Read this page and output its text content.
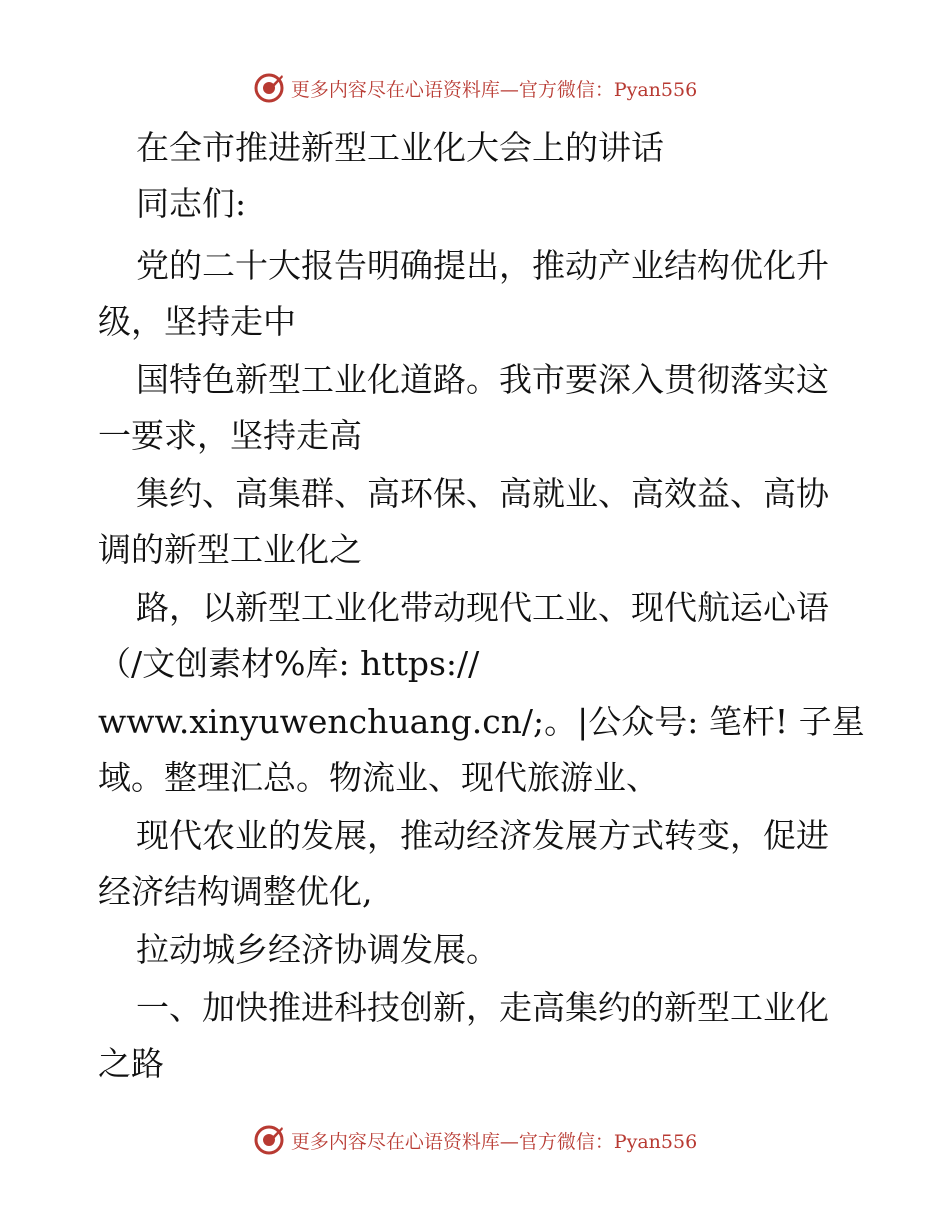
更多内容尽在心语资料库—官方微信：Pyan556
在全市推进新型工业化大会上的讲话
同志们:
党的二十大报告明确提出，推动产业结构优化升
级，坚持走中
国特色新型工业化道路。我市要深入贯彻落实这
一要求，坚持走高
集约、高集群、高环保、高就业、高效益、高协
调的新型工业化之
路，以新型工业化带动现代工业、现代航运心语
（/文创素材%库: https://
www.xinyuwenchuang.cn/;。|公众号: 笔杆! 子星
域。整理汇总。物流业、现代旅游业、
现代农业的发展，推动经济发展方式转变，促进
经济结构调整优化,
拉动城乡经济协调发展。
一、加快推进科技创新，走高集约的新型工业化
之路
更多内容尽在心语资料库—官方微信：Pyan556
